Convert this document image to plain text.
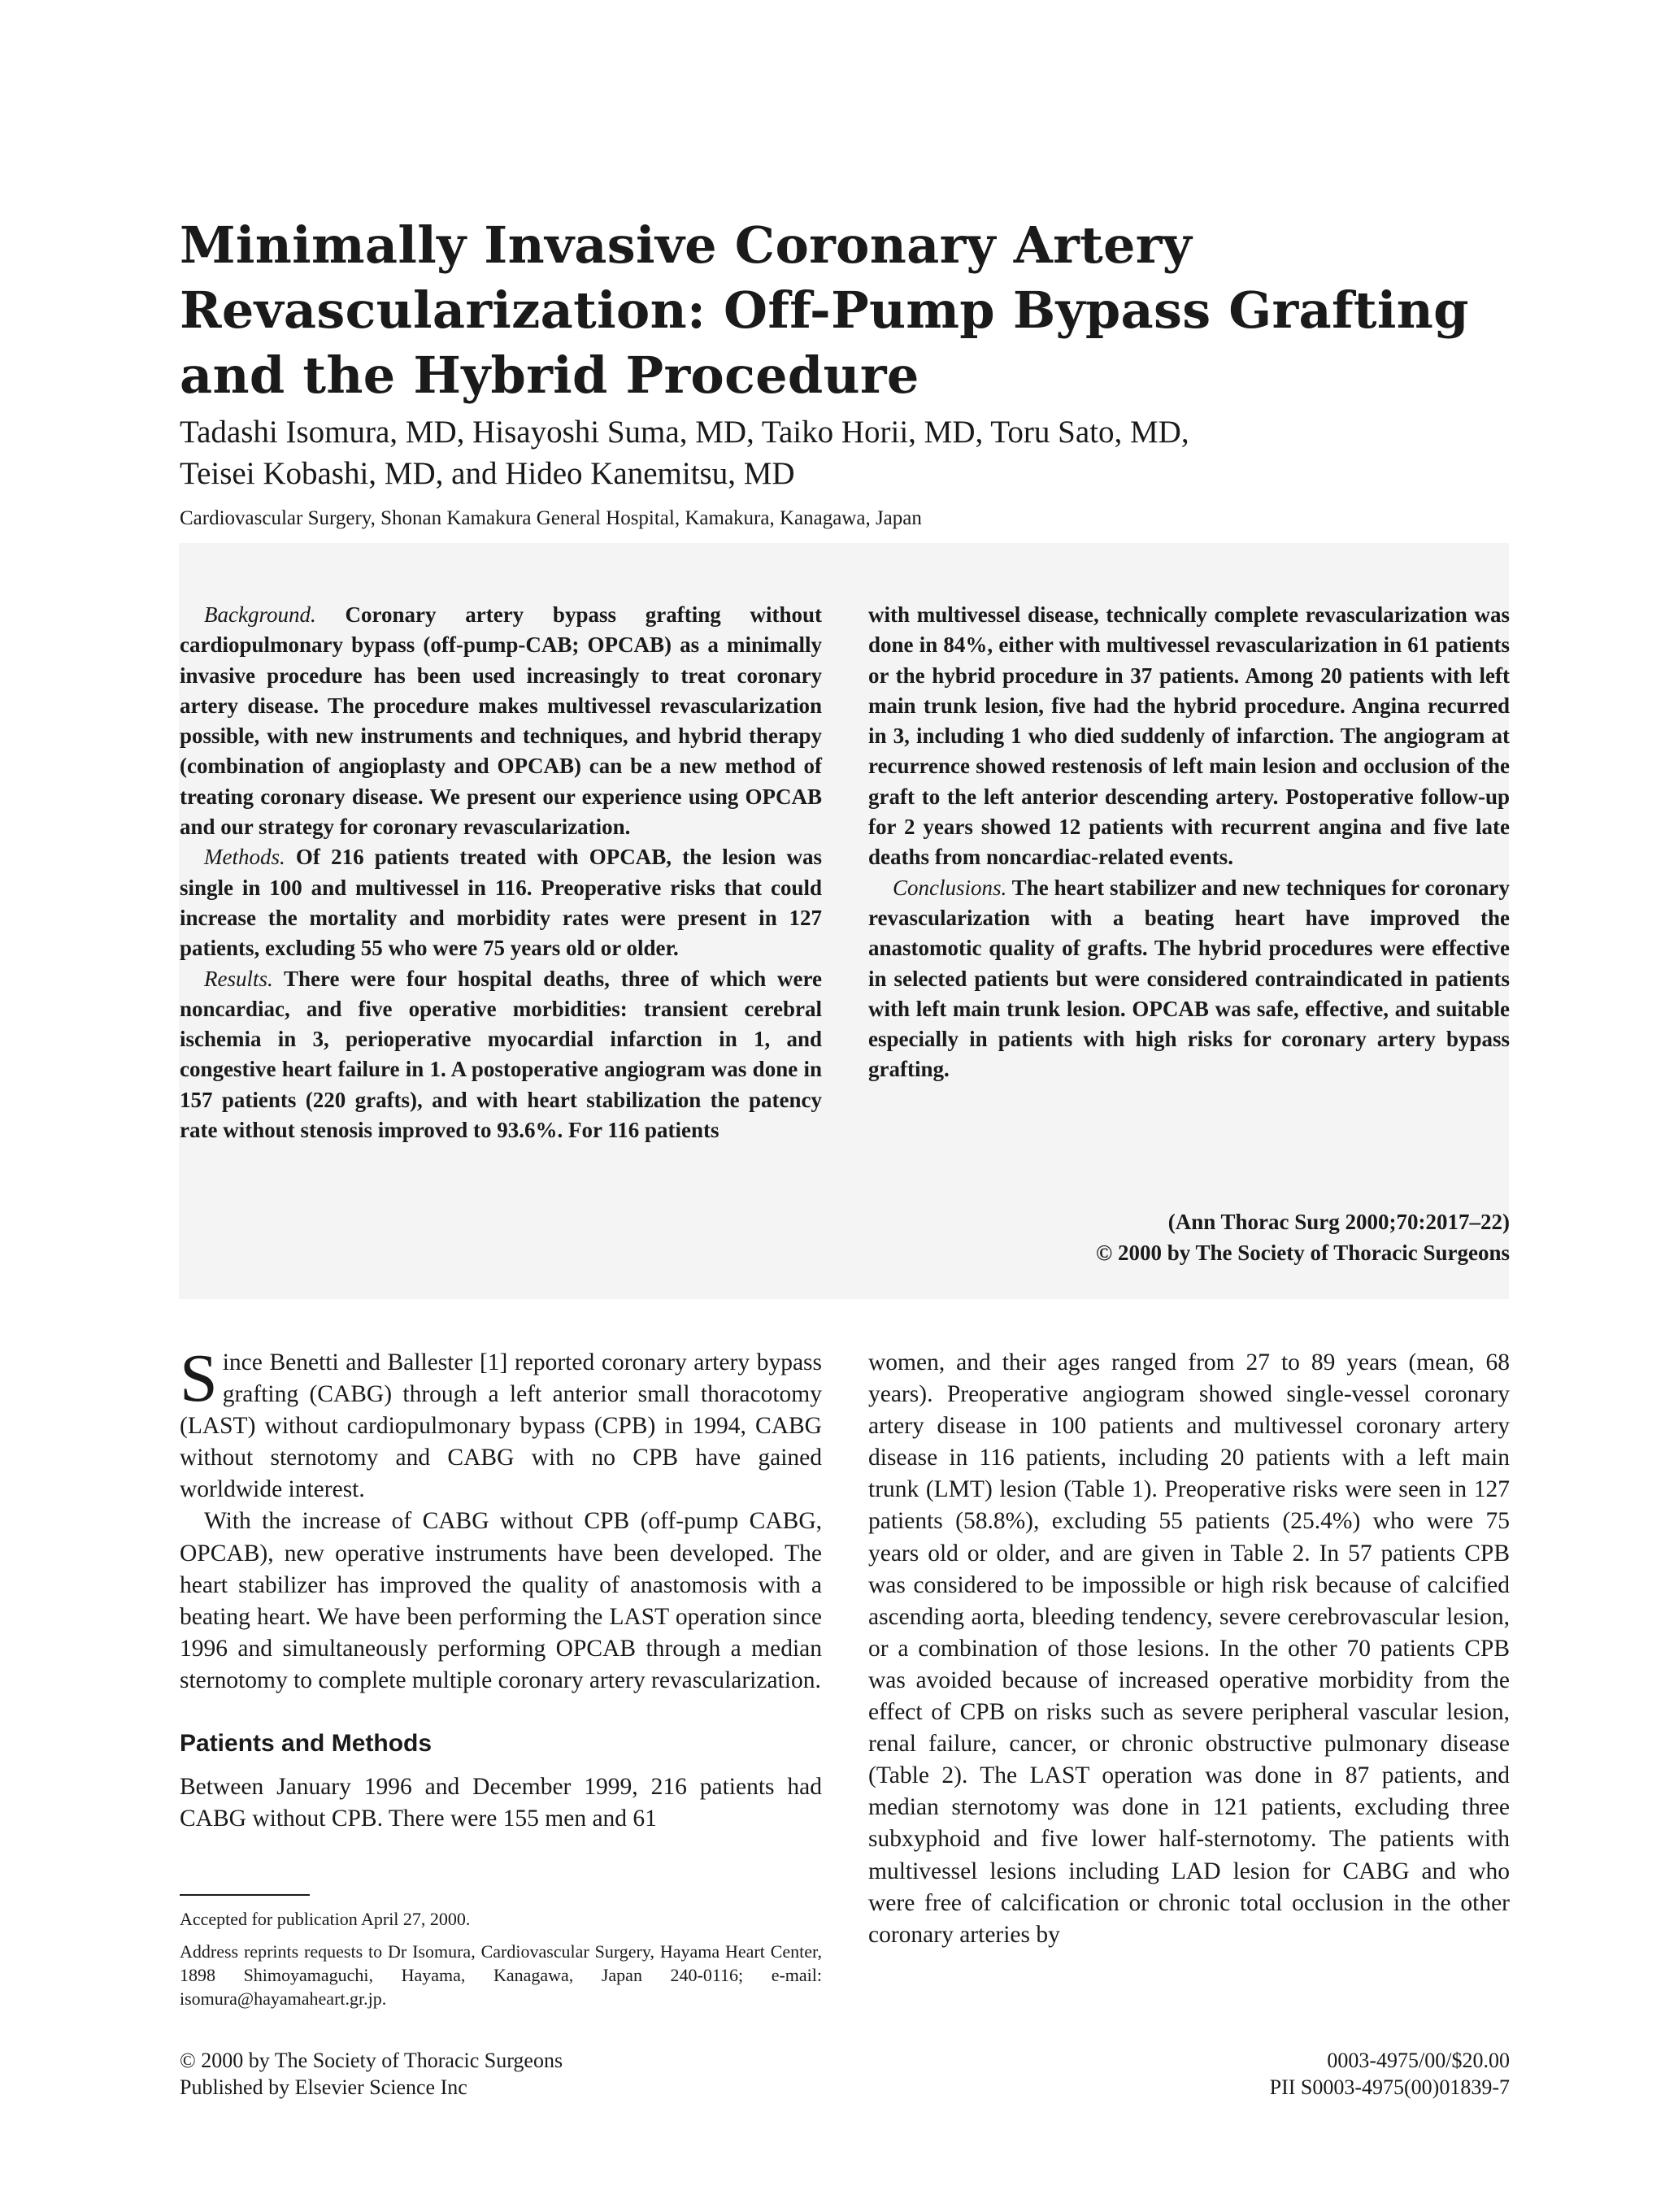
Minimally Invasive Coronary Artery
Revascularization: Off-Pump Bypass Grafting
and the Hybrid Procedure
Tadashi Isomura, MD, Hisayoshi Suma, MD, Taiko Horii, MD, Toru Sato, MD,
Teisei Kobashi, MD, and Hideo Kanemitsu, MD
Cardiovascular Surgery, Shonan Kamakura General Hospital, Kamakura, Kanagawa, Japan

Background. Coronary artery bypass grafting without cardiopulmonary bypass (off-pump-CAB; OPCAB) as a minimally invasive procedure has been used increasingly to treat coronary artery disease. The procedure makes multivessel revascularization possible, with new instruments and techniques, and hybrid therapy (combination of angioplasty and OPCAB) can be a new method of treating coronary disease. We present our experience using OPCAB and our strategy for coronary revascularization.

Methods. Of 216 patients treated with OPCAB, the lesion was single in 100 and multivessel in 116. Preoperative risks that could increase the mortality and morbidity rates were present in 127 patients, excluding 55 who were 75 years old or older.

Results. There were four hospital deaths, three of which were noncardiac, and five operative morbidities: transient cerebral ischemia in 3, perioperative myocardial infarction in 1, and congestive heart failure in 1. A postoperative angiogram was done in 157 patients (220 grafts), and with heart stabilization the patency rate without stenosis improved to 93.6%. For 116 patients

with multivessel disease, technically complete revascularization was done in 84%, either with multivessel revascularization in 61 patients or the hybrid procedure in 37 patients. Among 20 patients with left main trunk lesion, five had the hybrid procedure. Angina recurred in 3, including 1 who died suddenly of infarction. The angiogram at recurrence showed restenosis of left main lesion and occlusion of the graft to the left anterior descending artery. Postoperative follow-up for 2 years showed 12 patients with recurrent angina and five late deaths from noncardiac-related events.

Conclusions. The heart stabilizer and new techniques for coronary revascularization with a beating heart have improved the anastomotic quality of grafts. The hybrid procedures were effective in selected patients but were considered contraindicated in patients with left main trunk lesion. OPCAB was safe, effective, and suitable especially in patients with high risks for coronary artery bypass grafting.

(Ann Thorac Surg 2000;70:2017–22)
© 2000 by The Society of Thoracic Surgeons

Since Benetti and Ballester [1] reported coronary artery bypass grafting (CABG) through a left anterior small thoracotomy (LAST) without cardiopulmonary bypass (CPB) in 1994, CABG without sternotomy and CABG with no CPB have gained worldwide interest.

With the increase of CABG without CPB (off-pump CABG, OPCAB), new operative instruments have been developed. The heart stabilizer has improved the quality of anastomosis with a beating heart. We have been performing the LAST operation since 1996 and simultaneously performing OPCAB through a median sternotomy to complete multiple coronary artery revascularization.

Patients and Methods

Between January 1996 and December 1999, 216 patients had CABG without CPB. There were 155 men and 61

women, and their ages ranged from 27 to 89 years (mean, 68 years). Preoperative angiogram showed single-vessel coronary artery disease in 100 patients and multivessel coronary artery disease in 116 patients, including 20 patients with a left main trunk (LMT) lesion (Table 1). Preoperative risks were seen in 127 patients (58.8%), excluding 55 patients (25.4%) who were 75 years old or older, and are given in Table 2. In 57 patients CPB was considered to be impossible or high risk because of calcified ascending aorta, bleeding tendency, severe cerebrovascular lesion, or a combination of those lesions. In the other 70 patients CPB was avoided because of increased operative morbidity from the effect of CPB on risks such as severe peripheral vascular lesion, renal failure, cancer, or chronic obstructive pulmonary disease (Table 2). The LAST operation was done in 87 patients, and median sternotomy was done in 121 patients, excluding three subxyphoid and five lower half-sternotomy. The patients with multivessel lesions including LAD lesion for CABG and who were free of calcification or chronic total occlusion in the other coronary arteries by

Accepted for publication April 27, 2000.

Address reprints requests to Dr Isomura, Cardiovascular Surgery, Hayama Heart Center, 1898 Shimoyamaguchi, Hayama, Kanagawa, Japan 240-0116; e-mail: isomura@hayamaheart.gr.jp.

© 2000 by The Society of Thoracic Surgeons
Published by Elsevier Science Inc
0003-4975/00/$20.00
PII S0003-4975(00)01839-7
